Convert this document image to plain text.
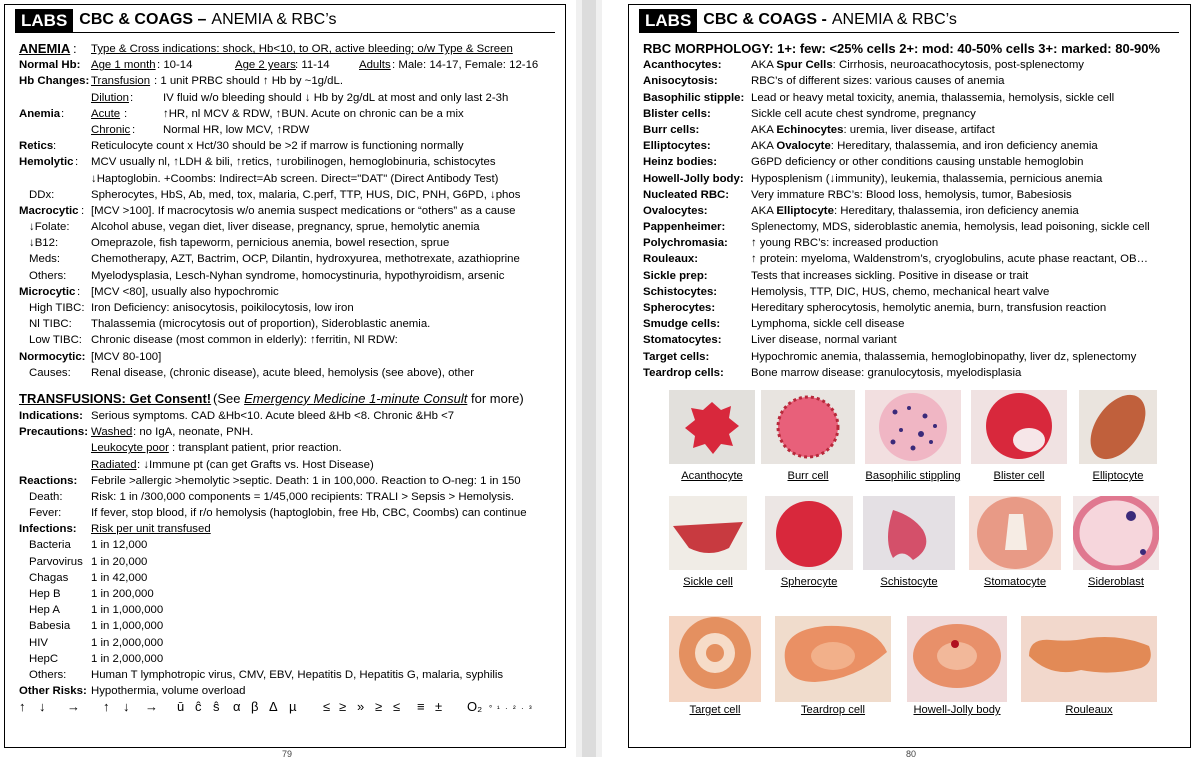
LABS CBC & COAGS – ANEMIA & RBC’s
ANEMIA : Type & Cross indications: shock, Hb<10, to OR, active bleeding; o/w Type & Screen
Normal Hb: Age 1 month : 10-14	Age 2 years : 11-14	Adults : Male: 14-17, Female: 12-16
Hb Changes: Transfusion : 1 unit PRBC should ↑ Hb by ~1g/dL.
Dilution :	IV fluid w/o bleeding should ↓ Hb by 2g/dL at most and only last 2-3h
Anemia : Acute :	↑HR, nl MCV & RDW, ↑BUN. Acute on chronic can be a mix
Chronic : Normal HR, low MCV, ↑RDW
Retics :	Reticulocyte count x Hct/30 should be >2 if marrow is functioning normally
Hemolytic : MCV usually nl, ↑LDH & bili, ↑retics, ↑urobilinogen, hemoglobinuria, schistocytes
↓Haptoglobin. +Coombs: Indirect=Ab screen. Direct="DAT" (Direct Antibody Test)
DDx:	Spherocytes, HbS, Ab, med, tox, malaria, C.perf, TTP, HUS, DIC, PNH, G6PD, ↓phos
Macrocytic : [MCV >100]. If macrocytosis w/o anemia suspect medications or “others” as a cause
↓Folate: Alcohol abuse, vegan diet, liver disease, pregnancy, sprue, hemolytic anemia
↓B12:	Omeprazole, fish tapeworm, pernicious anemia, bowel resection, sprue
Meds:	Chemotherapy, AZT, Bactrim, OCP, Dilantin, hydroxyurea, methotrexate, azathioprine
Others: Myelodysplasia, Lesch-Nyhan syndrome, homocystinuria, hypothyroidism, arsenic
Microcytic : [MCV <80], usually also hypochromic
High TIBC: Iron Deficiency: anisocytosis, poikilocytosis, low iron
Nl TIBC: Thalassemia (microcytosis out of proportion), Sideroblastic anemia.
Low TIBC: Chronic disease (most common in elderly): ↑ferritin, Nl RDW:
Normocytic: [MCV 80-100]
Causes: Renal disease, (chronic disease), acute bleed, hemolysis (see above), other
TRANSFUSIONS: Get Consent! (See Emergency Medicine 1-minute Consult for more)
Indications: Serious symptoms. CAD &Hb<10. Acute bleed &Hb <8. Chronic &Hb <7
Precautions: Washed : no IgA, neonate, PNH.
Leukocyte poor : transplant patient, prior reaction.
Radiated : ↓Immune pt (can get Grafts vs. Host Disease)
Reactions: Febrile >allergic >hemolytic >septic. Death: 1 in 100,000. Reaction to O-neg: 1 in 150
Death: Risk: 1 in /300,000 components = 1/45,000 recipients: TRALI > Sepsis > Hemolysis.
Fever:	If fever, stop blood, if r/o hemolysis (haptoglobin, free Hb, CBC, Coombs) can continue
Infections: Risk per unit transfused
Bacteria 1 in 12,000
Parvovirus 1 in 20,000
Chagas 1 in 42,000
Hep B	1 in 200,000
Hep A	1 in 1,000,000
Babesia 1 in 1,000,000
HIV	1 in 2,000,000
HepC	1 in 2,000,000
Others: Human T lymphotropic virus, CMV, EBV, Hepatitis D, Hepatitis G, malaria, syphilis
Other Risks: Hypothermia, volume overload
↑ ↓ → ↑ ↓ → ū ĉ ŝ α β Δ µ ≤ ≥ » ≥ ≤ ≡ ± O₂ ° ¹ · ² · ³
79
LABS CBC & COAGS - ANEMIA & RBC’s
RBC MORPHOLOGY: 1+: few: <25% cells 2+: mod: 40-50% cells 3+: marked: 80-90%
Acanthocytes:	AKA Spur Cells: Cirrhosis, neuroacathocytosis, post-splenectomy
Anisocytosis:	RBC’s of different sizes: various causes of anemia
Basophilic stipple: Lead or heavy metal toxicity, anemia, thalassemia, hemolysis, sickle cell
Blister cells:	Sickle cell acute chest syndrome, pregnancy
Burr cells:	AKA Echinocytes: uremia, liver disease, artifact
Elliptocytes:	AKA Ovalocyte: Hereditary, thalassemia, and iron deficiency anemia
Heinz bodies:	G6PD deficiency or other conditions causing unstable hemoglobin
Howell-Jolly body: Hyposplenism (↓immunity), leukemia, thalassemia, pernicious anemia
Nucleated RBC: Very immature RBC’s: Blood loss, hemolysis, tumor, Babesiosis
Ovalocytes:	AKA Elliptocyte: Hereditary, thalassemia, iron deficiency anemia
Pappenheimer: Splenectomy, MDS, sideroblastic anemia, hemolysis, lead poisoning, sickle cell
Polychromasia: ↑ young RBC’s: increased production
Rouleaux:	↑ protein: myeloma, Waldenstrom’s, cryoglobulins, acute phase reactant, OB…
Sickle prep:	Tests that increases sickling. Positive in disease or trait
Schistocytes:	Hemolysis, TTP, DIC, HUS, chemo, mechanical heart valve
Spherocytes:	Hereditary spherocytosis, hemolytic anemia, burn, transfusion reaction
Smudge cells:	Lymphoma, sickle cell disease
Stomatocytes:	Liver disease, normal variant
Target cells:	Hypochromic anemia, thalassemia, hemoglobinopathy, liver dz, splenectomy
Teardrop cells: Bone marrow disease: granulocytosis, myelodisplasia
Acanthocyte	Burr cell	Basophilic stippling	Blister cell	Elliptocyte
Sickle cell	Spherocyte	Schistocyte	Stomatocyte	Sideroblast
Target cell	Teardrop cell	Howell-Jolly body	Rouleaux
80
